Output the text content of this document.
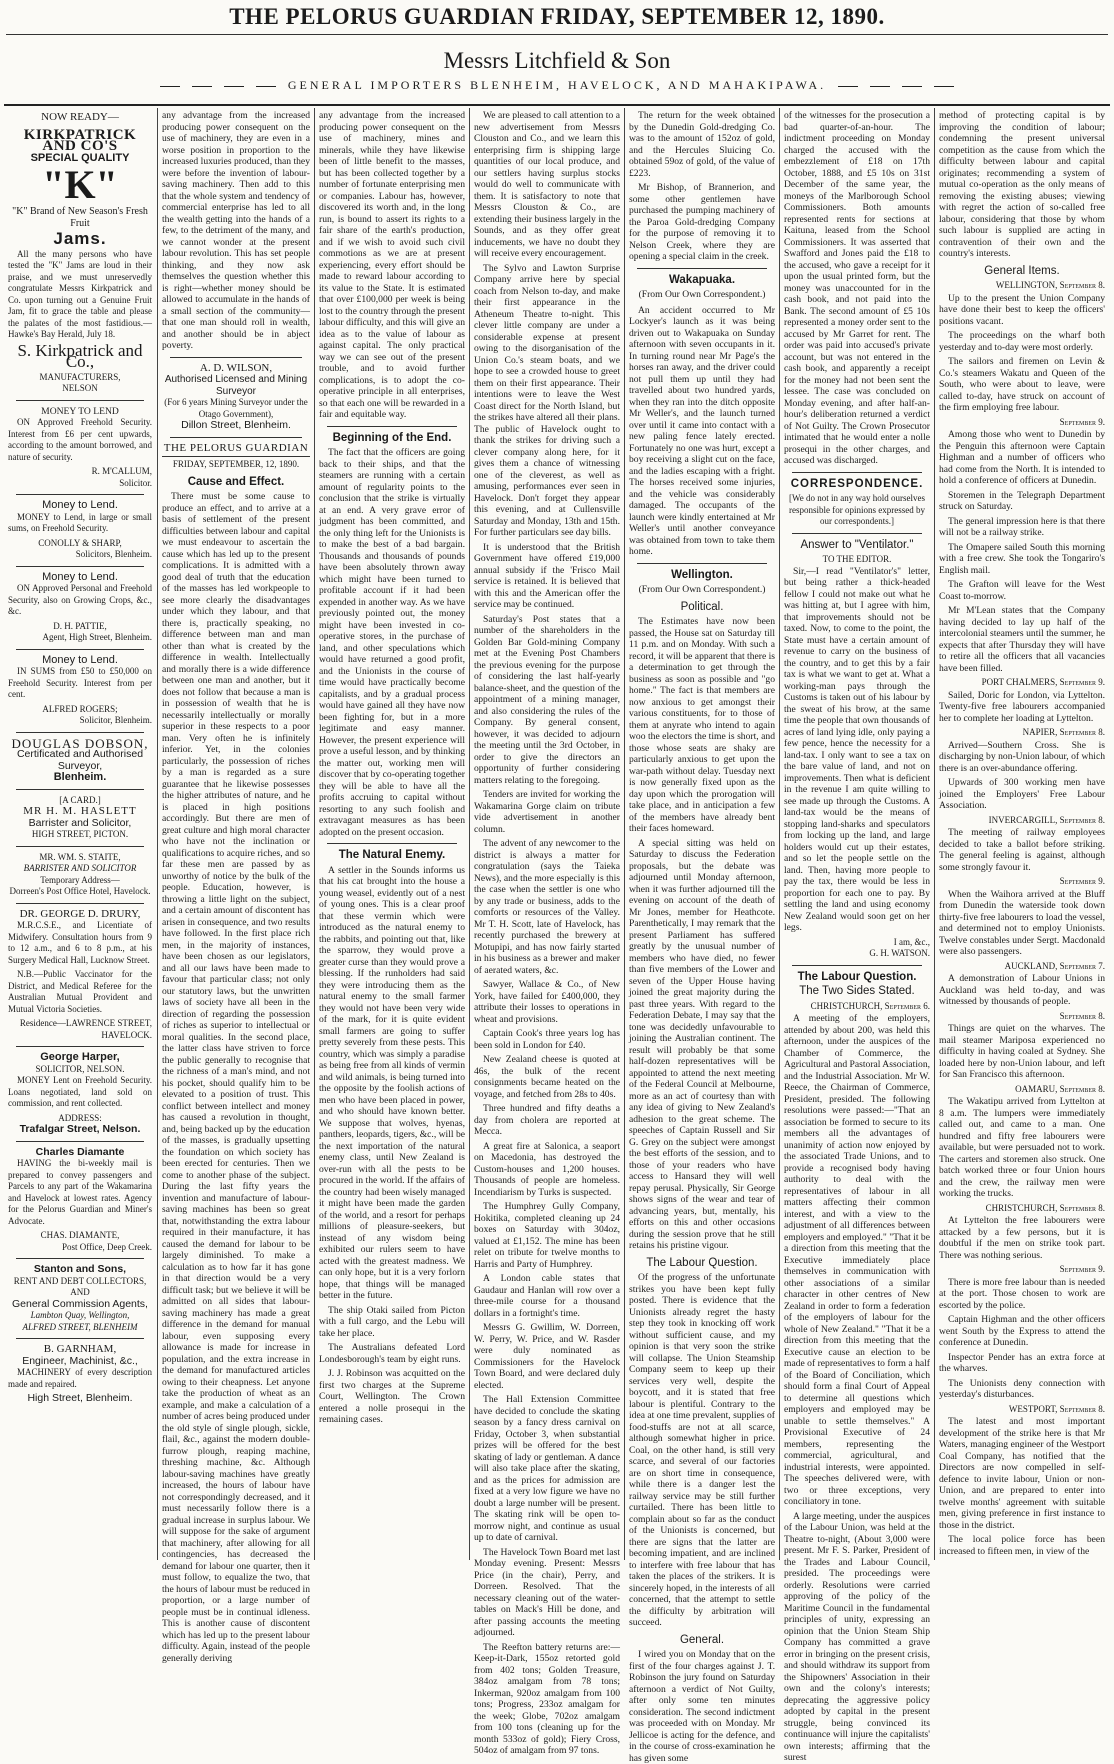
THE PELORUS GUARDIAN FRIDAY, SEPTEMBER 12, 1890.
Messrs Litchfield & Son
GENERAL IMPORTERS BLENHEIM, HAVELOCK, AND MAHAKIPAWA.
NOW READY—
KIRKPATRICK AND CO'S
SPECIAL QUALITY
"K"
"K" Brand of New Season's Fresh Fruit
Jams.

All the many persons who have tested the "K" Jams are loud in their praise, and we must unreservedly congratulate Messrs Kirkpatrick and Co. upon turning out a Genuine Fruit Jam, fit to grace the table and please the palates of the most fastidious.—Hawke's Bay Herald, July 18.

S. Kirkpatrick and Co.,
MANUFACTURERS,
NELSON
MONEY TO LEND

ON Approved Freehold Security. Interest from £6 per cent upwards, according to the amount borrowed, and nature of security.

R. M'CALLUM,
Solicitor.
Money to Lend.

MONEY to Lend, in large or small sums, on Freehold Security.

CONOLLY & SHARP,
Solicitors, Blenheim.
Money to Lend.

ON Approved Personal and Freehold Security, also on Growing Crops, &c., &c.

D. H. PATTIE,
Agent, High Street, Blenheim.
Money to Lend.

IN SUMS from £50 to £50,000 on Freehold Security. Interest from per cent.

ALFRED ROGERS;
Solicitor, Blenheim.
DOUGLAS DOBSON,
Certificated and Authorised Surveyor,
Blenheim.
[A CARD.]
MR H. M. HASLETT
Barrister and Solicitor,
HIGH STREET, PICTON.
MR. WM. S. STAITE,
BARRISTER AND SOLICITOR
Temporary Address—
Dorreen's Post Office Hotel, Havelock.
DR. GEORGE D. DRURY,

M.R.C.S.E., and Licentiate of Midwifery. Consultation hours from 9 to 12 a.m., and 6 to 8 p.m., at his Surgery Medical Hall, Lucknow Street.

N.B.—Public Vaccinator for the District, and Medical Referee for the Australian Mutual Provident and Mutual Victoria Societies.

Residence—LAWRENCE STREET, HAVELOCK.
George Harper,
SOLICITOR, NELSON.

MONEY Lent on Freehold Security. Loans negotiated, land sold on commission, and rent collected.

ADDRESS:
Trafalgar Street, Nelson.
Charles Diamante

HAVING the bi-weekly mail is prepared to convey passengers and Parcels to any part of the Wakamarina and Havelock at lowest rates. Agency for the Pelorus Guardian and Miner's Advocate.

CHAS. DIAMANTE,
Post Office, Deep Creek.
Stanton and Sons,
RENT AND DEBT COLLECTORS,
AND
General Commission Agents,
Lambton Quay, Wellington,
ALFRED STREET, BLENHEIM
B. GARNHAM,
Engineer, Machinist, &c.,

MACHINERY of every description made and repaired.

High Street, Blenheim.

any advantage from the increased producing power consequent on the use of machinery, they are even in a worse position in proportion to the increased luxuries produced, than they were before the invention of labour-saving machinery. Then add to this that the whole system and tendency of commercial enterprise has led to all the wealth getting into the hands of a few, to the detriment of the many, and we cannot wonder at the present labour revolution. This has set people thinking, and they now ask themselves the question whether this is right—whether money should be allowed to accumulate in the hands of a small section of the community—that one man should roll in wealth, and another should be in abject poverty.

A. D. WILSON,
Authorised Licensed and Mining Surveyor
(For 6 years Mining Surveyor under the Otago Government),
Dillon Street, Blenheim.
THE PELORUS GUARDIAN
FRIDAY, SEPTEMBER, 12, 1890.
Cause and Effect.

There must be some cause to produce an effect, and to arrive at a basis of settlement of the present difficulties between labour and capital we must endeavour to ascertain the cause which has led up to the present complications. It is admitted with a good deal of truth that the education of the masses has led workpeople to see more clearly the disadvantages under which they labour, and that there is, practically speaking, no difference between man and man other than what is created by the difference in wealth. Intellectually and morally there is a wide difference between one man and another, but it does not follow that because a man is in possession of wealth that he is necessarily intellectually or morally superior in these respects to a poor man. Very often he is infinitely inferior. Yet, in the colonies particularly, the possession of riches by a man is regarded as a sure guarantee that he likewise possesses the higher attributes of nature, and he is placed in high positions accordingly. But there are men of great culture and high moral character who have not the inclination or qualifications to acquire riches, and so far these men are passed by as unworthy of notice by the bulk of the people. Education, however, is throwing a little light on the subject, and a certain amount of discontent has arisen in consequence, and two results have followed. In the first place rich men, in the majority of instances, have been chosen as our legislators, and all our laws have been made to favour that particular class; not only our statutory laws, but the unwritten laws of society have all been in the direction of regarding the possession of riches as superior to intellectual or moral qualities. In the second place, the latter class have striven to force the public generally to recognise that the richness of a man's mind, and not his pocket, should qualify him to be elevated to a position of trust. This conflict between intellect and money has caused a revolution in thought, and, being backed up by the education of the masses, is gradually upsetting the foundation on which society has been erected for centuries. Then we come to another phase of the subject. During the last fifty years the invention and manufacture of labour-saving machines has been so great that, notwithstanding the extra labour required in their manufacture, it has caused the demand for labour to be largely diminished. To make a calculation as to how far it has gone in that direction would be a very difficult task; but we believe it will be admitted on all sides that labour-saving machinery has made a great difference in the demand for manual labour, even supposing every allowance is made for increase in population, and the extra increase in the demand for manufactured articles owing to their cheapness. Let anyone take the production of wheat as an example, and make a calculation of a number of acres being produced under the old style of single plough, sickle, flail, &c., against the modern double-furrow plough, reaping machine, threshing machine, &c. Although labour-saving machines have greatly increased, the hours of labour have not correspondingly decreased, and it must necessarily follow there is a gradual increase in surplus labour. We will suppose for the sake of argument that machinery, after allowing for all contingencies, has decreased the demand for labour one quarter, then it must follow, to equalize the two, that the hours of labour must be reduced in proportion, or a large number of people must be in continual idleness. This is another cause of discontent which has led up to the present labour difficulty. Again, instead of the people generally deriving

any advantage from the increased producing power consequent on the use of machinery, mines and minerals, while they have likewise been of little benefit to the masses, but has been collected together by a number of fortunate enterprising men or companies. Labour has, however, discovered its worth and, in the long run, is bound to assert its rights to a fair share of the earth's production, and if we wish to avoid such civil commotions as we are at present experiencing, every effort should be made to reward labour according to its value to the State. It is estimated that over £100,000 per week is being lost to the country through the present labour difficulty, and this will give an idea as to the value of labour as against capital. The only practical way we can see out of the present trouble, and to avoid further complications, is to adopt the co-operative principle in all enterprises, so that each one will be rewarded in a fair and equitable way.

Beginning of the End.

The fact that the officers are going back to their ships, and that the steamers are running with a certain amount of regularity points to the conclusion that the strike is virtually at an end. A very grave error of judgment has been committed, and the only thing left for the Unionists is to make the best of a bad bargain. Thousands and thousands of pounds have been absolutely thrown away which might have been turned to profitable account if it had been expended in another way. As we have previously pointed out, the money might have been invested in co-operative stores, in the purchase of land, and other speculations which would have returned a good profit, and the Unionists in the course of time would have practically become capitalists, and by a gradual process would have gained all they have now been fighting for, but in a more legitimate and easy manner. However, the present experience will prove a useful lesson, and by thinking the matter out, working men will discover that by co-operating together they will be able to have all the profits accruing to capital without resorting to any such foolish and extravagant measures as has been adopted on the present occasion.

The Natural Enemy.

A settler in the Sounds informs us that his cat brought into the house a young weasel, evidently out of a nest of young ones. This is a clear proof that these vermin which were introduced as the natural enemy to the rabbits, and pointing out that, like the sparrow, they would prove a greater curse than they would prove a blessing. If the runholders had said they were introducing them as the natural enemy to the small farmer they would not have been very wide of the mark, for it is quite evident small farmers are going to suffer pretty severely from these pests. This country, which was simply a paradise as being free from all kinds of vermin and wild animals, is being turned into the opposite by the foolish actions of men who have been placed in power, and who should have known better. We suppose that wolves, hyenas, panthers, leopards, tigers, &c., will be the next importation of the natural enemy class, until New Zealand is over-run with all the pests to be procured in the world. If the affairs of the country had been wisely managed it might have been made the garden of the world, and a resort for perhaps millions of pleasure-seekers, but instead of any wisdom being exhibited our rulers seem to have acted with the greatest madness. We can only hope, but it is a very forlorn hope, that things will be managed better in the future.

The ship Otaki sailed from Picton with a full cargo, and the Lebu will take her place.

The Australians defeated Lord Londesborough's team by eight runs.

J. J. Robinson was acquitted on the first two charges at the Supreme Court, Wellington. The Crown entered a nolle prosequi in the remaining cases.

We are pleased to call attention to a new advertisement from Messrs Clouston and Co., and we learn this enterprising firm is shipping large quantities of our local produce, and our settlers having surplus stocks would do well to communicate with them. It is satisfactory to note that Messrs Clouston & Co., are extending their business largely in the Sounds, and as they offer great inducements, we have no doubt they will receive every encouragement.

The Sylvo and Lawton Surprise Company arrive here by special coach from Nelson to-day, and make their first appearance in the Atheneum Theatre to-night. This clever little company are under a considerable expense at present owing to the disorganisation of the Union Co.'s steam boats, and we hope to see a crowded house to greet them on their first appearance. Their intentions were to leave the West Coast direct for the North Island, but the strikes have altered all their plans. The public of Havelock ought to thank the strikes for driving such a clever company along here, for it gives them a chance of witnessing one of the cleverest, as well as amusing, performances ever seen in Havelock. Don't forget they appear this evening, and at Cullensville Saturday and Monday, 13th and 15th. For further particulars see day bills.

It is understood that the British Government have offered £19,000 annual subsidy if the 'Frisco Mail service is retained. It is believed that with this and the American offer the service may be continued.

Saturday's Post states that a number of the shareholders in the Golden Bar Gold-mining Company met at the Evening Post Chambers the previous evening for the purpose of considering the last half-yearly balance-sheet, and the question of the appointment of a mining manager, and also considering the rules of the Company. By general consent, however, it was decided to adjourn the meeting until the 3rd October, in order to give the directors an opportunity of further considering matters relating to the foregoing.

Tenders are invited for working the Wakamarina Gorge claim on tribute vide advertisement in another column.

The advent of any newcomer to the district is always a matter for congratulation (says the Taieka News), and the more especially is this the case when the settler is one who by any trade or business, adds to the comforts or resources of the Valley. Mr T. H. Scott, late of Havelock, has recently purchased the brewery at Motupipi, and has now fairly started in his business as a brewer and maker of aerated waters, &c.

Sawyer, Wallace & Co., of New York, have failed for £400,000, they attribute their losses to operations in wheat and provisions.

Captain Cook's three years log has been sold in London for £40.

New Zealand cheese is quoted at 46s, the bulk of the recent consignments became heated on the voyage, and fetched from 28s to 40s.

Three hundred and fifty deaths a day from cholera are reported at Mecca.

A great fire at Salonica, a seaport on Macedonia, has destroyed the Custom-houses and 1,200 houses. Thousands of people are homeless. Incendiarism by Turks is suspected.

The Humphrey Gully Company, Hokitika, completed cleaning up 24 boxes on Saturday with 304oz, valued at £1,152. The mine has been relet on tribute for twelve months to Harris and Party of Humphrey.

A London cable states that Gaudaur and Hanlan will row over a three-mile course for a thousand dollars in a fortnight's time.

Messrs G. Gwillim, W. Dorreen, W. Perry, W. Price, and W. Rasder were duly nominated as Commissioners for the Havelock Town Board, and were declared duly elected.

The Hall Extension Committee have decided to conclude the skating season by a fancy dress carnival on Friday, October 3, when substantial prizes will be offered for the best skating of lady or gentleman. A dance will also take place after the skating, and as the prices for admission are fixed at a very low figure we have no doubt a large number will be present. The skating rink will be open to-morrow night, and continue as usual up to date of carnival.

The Havelock Town Board met last Monday evening. Present: Messrs Price (in the chair), Perry, and Dorreen. Resolved. That the necessary cleaning out of the water-tables on Mack's Hill be done, and after passing accounts the meeting adjourned.

The Reefton battery returns are:—Keep-it-Dark, 155oz retorted gold from 402 tons; Golden Treasure, 384oz amalgam from 78 tons; Inkerman, 920oz amalgam from 100 tons; Progress, 233oz amalgam for the week; Globe, 702oz amalgam from 100 tons (cleaning up for the month 533oz of gold); Fiery Cross, 504oz of amalgam from 97 tons.

The return for the week obtained by the Dunedin Gold-dredging Co. was to the amount of 152oz of gold, and the Hercules Sluicing Co. obtained 59oz of gold, of the value of £223.

Mr Bishop, of Brannerion, and some other gentlemen have purchased the pumping machinery of the Paroa Gold-dredging Company for the purpose of removing it to Nelson Creek, where they are opening a special claim in the creek.

Wakapuaka.
(From Our Own Correspondent.)

An accident occurred to Mr Lockyer's launch as it was being driven out to Wakapuaka on Sunday afternoon with seven occupants in it. In turning round near Mr Page's the horses ran away, and the driver could not pull them up until they had travelled about two hundred yards, when they ran into the ditch opposite Mr Weller's, and the launch turned over until it came into contact with a new paling fence lately erected. Fortunately no one was hurt, except a boy receiving a slight cut on the face, and the ladies escaping with a fright. The horses received some injuries, and the vehicle was considerably damaged. The occupants of the launch were kindly entertained at Mr Weller's until another conveyance was obtained from town to take them home.

Wellington.
(From Our Own Correspondent.)
Political.

The Estimates have now been passed, the House sat on Saturday till 11 p.m. and on Monday. With such a record, it will be apparent that there is a determination to get through the business as soon as possible and "go home." The fact is that members are now anxious to get amongst their various constituents, for to those of them at anyrate who intend to again woo the electors the time is short, and those whose seats are shaky are particularly anxious to get upon the war-path without delay. Tuesday next is now generally fixed upon as the day upon which the prorogation will take place, and in anticipation a few of the members have already bent their faces homeward.

A special sitting was held on Saturday to discuss the Federation proposals, but the debate was adjourned until Monday afternoon, when it was further adjourned till the evening on account of the death of Mr Jones, member for Heathcote. Parenthetically, I may remark that the present Parliament has suffered greatly by the unusual number of members who have died, no fewer than five members of the Lower and seven of the Upper House having joined the great majority during the past three years. With regard to the Federation Debate, I may say that the tone was decidedly unfavourable to joining the Australian continent. The result will probably be that some half-dozen representatives will be appointed to attend the next meeting of the Federal Council at Melbourne, more as an act of courtesy than with any idea of giving to New Zealand's adhesion to the great scheme. The speeches of Captain Russell and Sir G. Grey on the subject were amongst the best efforts of the session, and to those of your readers who have access to Hansard they will well repay perusal. Physically, Sir George shows signs of the wear and tear of advancing years, but, mentally, his efforts on this and other occasions during the session prove that he still retains his pristine vigour.

The Labour Question.

Of the progress of the unfortunate strikes you have been kept fully posted. There is evidence that the Unionists already regret the hasty step they took in knocking off work without sufficient cause, and my opinion is that very soon the strike will collapse. The Union Steamship Company seem to keep up their services very well, despite the boycott, and it is stated that free labour is plentiful. Contrary to the idea at one time prevalent, supplies of food-stuffs are not at all scarce, although somewhat higher in price. Coal, on the other hand, is still very scarce, and several of our factories are on short time in consequence, while there is a danger lest the railway service may be still further curtailed. There has been little to complain about so far as the conduct of the Unionists is concerned, but there are signs that the latter are becoming impatient, and are inclined to interfere with free labour that has taken the places of the strikers. It is sincerely hoped, in the interests of all concerned, that the attempt to settle the difficulty by arbitration will succeed.

General.

I wired you on Monday that on the first of the four charges against J. T. Robinson the jury found on Saturday afternoon a verdict of Not Guilty, after only some ten minutes consideration. The second indictment was proceeded with on Monday. Mr Jellicoe is acting for the defence, and in the course of cross-examination he has given some

of the witnesses for the prosecution a bad quarter-of-an-hour. The indictment proceeding on Monday charged the accused with the embezzlement of £18 on 17th October, 1888, and £5 10s on 31st December of the same year, the moneys of the Marlborough School Commissioners. Both amounts represented rents for sections at Kaituna, leased from the School Commissioners. It was asserted that Swafford and Jones paid the £18 to the accused, who gave a receipt for it upon the usual printed form, but the money was unaccounted for in the cash book, and not paid into the Bank. The second amount of £5 10s represented a money order sent to the accused by Mr Garret for rent. The order was paid into accused's private account, but was not entered in the cash book, and apparently a receipt for the money had not been sent the lessee. The case was concluded on Monday evening, and after half-an-hour's deliberation returned a verdict of Not Guilty. The Crown Prosecutor intimated that he would enter a nolle prosequi in the other charges, and accused was discharged.

CORRESPONDENCE.

[We do not in any way hold ourselves responsible for opinions expressed by our correspondents.]

Answer to "Ventilator."
TO THE EDITOR.

Sir,—I read "Ventilator's" letter, but being rather a thick-headed fellow I could not make out what he was hitting at, but I agree with him, that improvements should not be taxed. Now, to come to the point, the State must have a certain amount of revenue to carry on the business of the country, and to get this by a fair tax is what we want to get at. What a working-man pays through the Customs is taken out of his labour by the sweat of his brow, at the same time the people that own thousands of acres of land lying idle, only paying a few pence, hence the necessity for a land-tax. I only want to see a tax on the bare value of land, and not on improvements. Then what is deficient in the revenue I am quite willing to see made up through the Customs. A land-tax would be the means of stopping land-sharks and speculators from locking up the land, and large holders would cut up their estates, and so let the people settle on the land. Then, having more people to pay the tax, there would be less in proportion for each one to pay. By settling the land and using economy New Zealand would soon get on her legs.

I am, &c.,
G. H. WATSON.
The Labour Question.
The Two Sides Stated.
CHRISTCHURCH, September 6.

A meeting of the employers, attended by about 200, was held this afternoon, under the auspices of the Chamber of Commerce, the Agricultural and Pastoral Association, and the Industrial Association. Mr W. Reece, the Chairman of Commerce, President, presided. The following resolutions were passed:—"That an association be formed to secure to its members all the advantages of unanimity of action now enjoyed by the associated Trade Unions, and to provide a recognised body having authority to deal with the representatives of labour in all matters affecting their common interest, and with a view to the adjustment of all differences between employers and employed." "That it be a direction from this meeting that the Executive immediately place themselves in communication with other associations of a similar character in other centres of New Zealand in order to form a federation of the employers of labour for the whole of New Zealand." "That it be a direction from this meeting that the Executive cause an election to be made of representatives to form a half of the Board of Conciliation, which should form a final Court of Appeal to determine all questions which employers and employed may be unable to settle themselves." A Provisional Executive of 24 members, representing the commercial, agricultural, and industrial interests, were appointed. The speeches delivered were, with two or three exceptions, very conciliatory in tone.

A large meeting, under the auspices of the Labour Union, was held at the Theatre to-night, (About 3,000 were present. Mr F. S. Parker, President of the Trades and Labour Council, presided. The proceedings were orderly. Resolutions were carried approving of the policy of the Maritime Council in the fundamental principles of unity, expressing an opinion that the Union Steam Ship Company has committed a grave error in bringing on the present crisis, and should withdraw its support from the Shipowners' Association in their own and the colony's interests; deprecating the aggressive policy adopted by capital in the present struggle, being convinced its continuance will injure the capitalists' own interests; affirming that the surest

method of protecting capital is by improving the condition of labour; condemning the present universal competition as the cause from which the difficulty between labour and capital originates; recommending a system of mutual co-operation as the only means of removing the existing abuses; viewing with regret the action of so-called free labour, considering that those by whom such labour is supplied are acting in contravention of their own and the country's interests.

General Items.
WELLINGTON, September 8.

Up to the present the Union Company have done their best to keep the officers' positions vacant.

The proceedings on the wharf both yesterday and to-day were most orderly.

The sailors and firemen on Levin & Co.'s steamers Wakatu and Queen of the South, who were about to leave, were called to-day, have struck on account of the firm employing free labour.

September 9.

Among those who went to Dunedin by the Penguin this afternoon were Captain Highman and a number of officers who had come from the North. It is intended to hold a conference of officers at Dunedin.

Storemen in the Telegraph Department struck on Saturday.

The general impression here is that there will not be a railway strike.

The Omapere sailed South this morning with a free crew. She took the Tongariro's English mail.

The Grafton will leave for the West Coast to-morrow.

Mr M'Lean states that the Company having decided to lay up half of the intercolonial steamers until the summer, he expects that after Thursday they will have to retire all the officers that all vacancies have been filled.

PORT CHALMERS, September 9.

Sailed, Doric for London, via Lyttelton. Twenty-five free labourers accompanied her to complete her loading at Lyttelton.

NAPIER, September 8.

Arrived—Southern Cross. She is discharging by non-Union labour, of which there is an over-abundance offering.

Upwards of 300 working men have joined the Employers' Free Labour Association.

INVERCARGILL, September 8.

The meeting of railway employees decided to take a ballot before striking. The general feeling is against, although some strongly favour it.

September 9.

When the Waihora arrived at the Bluff from Dunedin the waterside took down thirty-five free labourers to load the vessel, and determined not to employ Unionists. Twelve constables under Sergt. Macdonald were also passengers.

AUCKLAND, September 7.

A demonstration of Labour Unions in Auckland was held to-day, and was witnessed by thousands of people.

September 8.

Things are quiet on the wharves. The mail steamer Mariposa experienced no difficulty in having coaled at Sydney. She loaded here by non-Union labour, and left for San Francisco this afternoon.

OAMARU, September 8.

The Wakatipu arrived from Lyttelton at 8 a.m. The lumpers were immediately called out, and came to a man. One hundred and fifty free labourers were available, but were persuaded not to work. The carters and storemen also struck. One batch worked three or four Union hours and the crew, the railway men were working the trucks.

CHRISTCHURCH, September 8.

At Lyttelton the free labourers were attacked by a few persons, but it is doubtful if the men on strike took part. There was nothing serious.

September 9.

There is more free labour than is needed at the port. Those chosen to work are escorted by the police.

Captain Highman and the other officers went South by the Express to attend the conference at Dunedin.

Inspector Pender has an extra force at the wharves.

The Unionists deny connection with yesterday's disturbances.

WESTPORT, September 8.

The latest and most important development of the strike here is that Mr Waters, managing engineer of the Westport Coal Company, has notified that the Directors are now compelled in self-defence to invite labour, Union or non-Union, and are prepared to enter into twelve months' agreement with suitable men, giving preference in first instance to those in the district.

The local police force has been increased to fifteen men, in view of the
